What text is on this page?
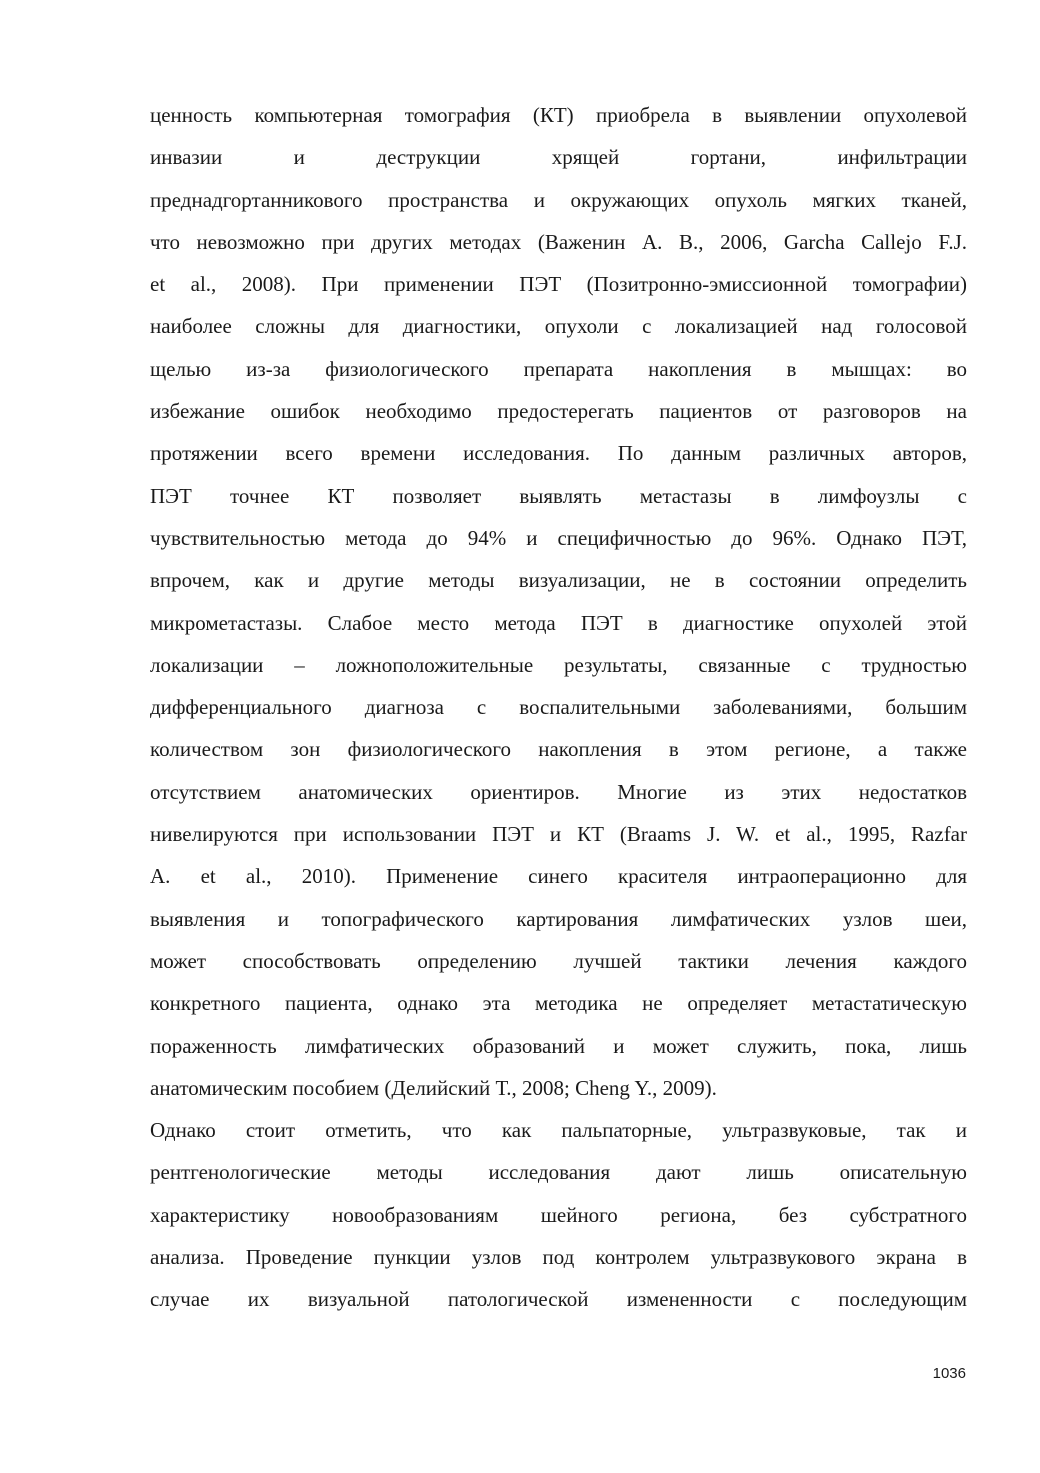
ценность компьютерная томография (КТ) приобрела в выявлении опухолевой
инвазии и деструкции хрящей гортани, инфильтрации
преднадгортанникового пространства и окружающих опухоль мягких тканей,
что невозможно при других методах (Важенин А. В., 2006, Garcha Callejo F.J.
et al., 2008). При применении ПЭТ (Позитронно-эмиссионной томографии)
наиболее сложны для диагностики, опухоли с локализацией над голосовой
щелью из-за физиологического препарата накопления в мышцах: во
избежание ошибок необходимо предостерегать пациентов от разговоров на
протяжении всего времени исследования. По данным различных авторов,
ПЭТ точнее КТ позволяет выявлять метастазы в лимфоузлы с
чувствительностью метода до 94% и специфичностью до 96%. Однако ПЭТ,
впрочем, как и другие методы визуализации, не в состоянии определить
микрометастазы. Слабое место метода ПЭТ в диагностике опухолей этой
локализации – ложноположительные результаты, связанные с трудностью
дифференциального диагноза с воспалительными заболеваниями, большим
количеством зон физиологического накопления в этом регионе, а также
отсутствием анатомических ориентиров. Многие из этих недостатков
нивелируются при использовании ПЭТ и КТ (Braams J. W. et al., 1995, Razfar
A. et al., 2010). Применение синего красителя интраоперационно для
выявления и топографического картирования лимфатических узлов шеи,
может способствовать определению лучшей тактики лечения каждого
конкретного пациента, однако эта методика не определяет метастатическую
пораженность лимфатических образований и может служить, пока, лишь
анатомическим пособием (Делийский Т., 2008; Cheng Y., 2009).
Однако стоит отметить, что как пальпаторные, ультразвуковые, так и
рентгенологические методы исследования дают лишь описательную
характеристику новообразованиям шейного региона, без субстратного
анализа. Проведение пункции узлов под контролем ультразвукового экрана в
случае их визуальной патологической измененности с последующим
1036
